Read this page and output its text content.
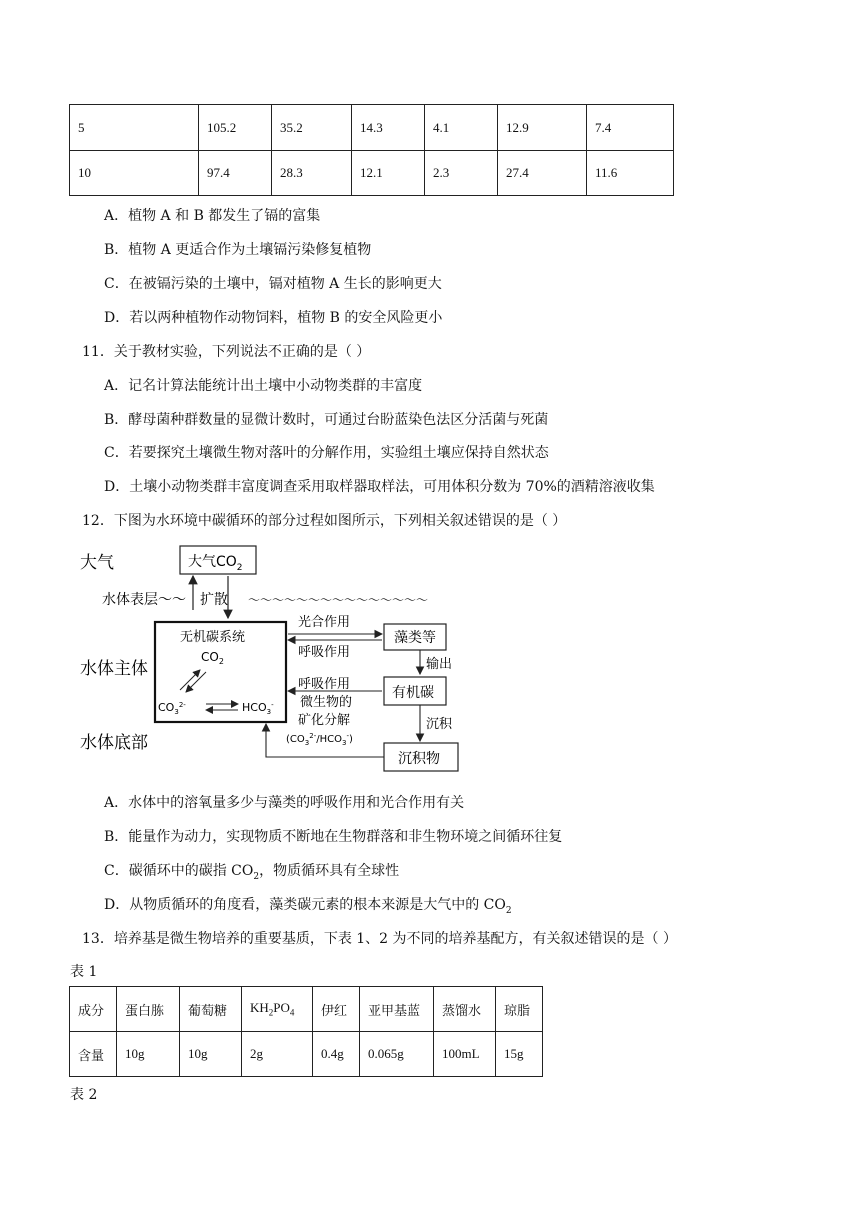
5	105.2	35.2	14.3	4.1	12.9	7.4
10	97.4	28.3	12.1	2.3	27.4	11.6
A．植物 A 和 B 都发生了镉的富集
B．植物 A 更适合作为土壤镉污染修复植物
C．在被镉污染的土壤中，镉对植物 A 生长的影响更大
D．若以两种植物作动物饲料，植物 B 的安全风险更小
11．关于教材实验，下列说法不正确的是（ ）
A．记名计算法能统计出土壤中小动物类群的丰富度
B．酵母菌种群数量的显微计数时，可通过台盼蓝染色法区分活菌与死菌
C．若要探究土壤微生物对落叶的分解作用，实验组土壤应保持自然状态
D．土壤小动物类群丰富度调查采用取样器取样法，可用体积分数为 70%的酒精溶液收集
12．下图为水环境中碳循环的部分过程如图所示，下列相关叙述错误的是（ ）
大气
水体表层～～
水体主体
水体底部
大气$CO_2$
扩散 ～～～～～～～～～～～～～～～
无机碳系统
$CO_2$
$CO_3^{2-}$	$HCO_3^-$
光合作用
呼吸作用
藻类等
输出
有机碳
呼吸作用
微生物的
矿化分解
$(CO_3^{2-}/HCO_3^-)$
沉积
沉积物
A．水体中的溶氧量多少与藻类的呼吸作用和光合作用有关
B．能量作为动力，实现物质不断地在生物群落和非生物环境之间循环往复
C．碳循环中的碳指 $CO_2$，物质循环具有全球性
D．从物质循环的角度看，藻类碳元素的根本来源是大气中的 $CO_2$
13．培养基是微生物培养的重要基质，下表 1、2 为不同的培养基配方，有关叙述错误的是（ ）
表 1
成分	蛋白胨	葡萄糖	$KH_2PO_4$	伊红	亚甲基蓝	蒸馏水	琼脂
含量	10g	10g	2g	0.4g	0.065g	100mL	15g
表 2
